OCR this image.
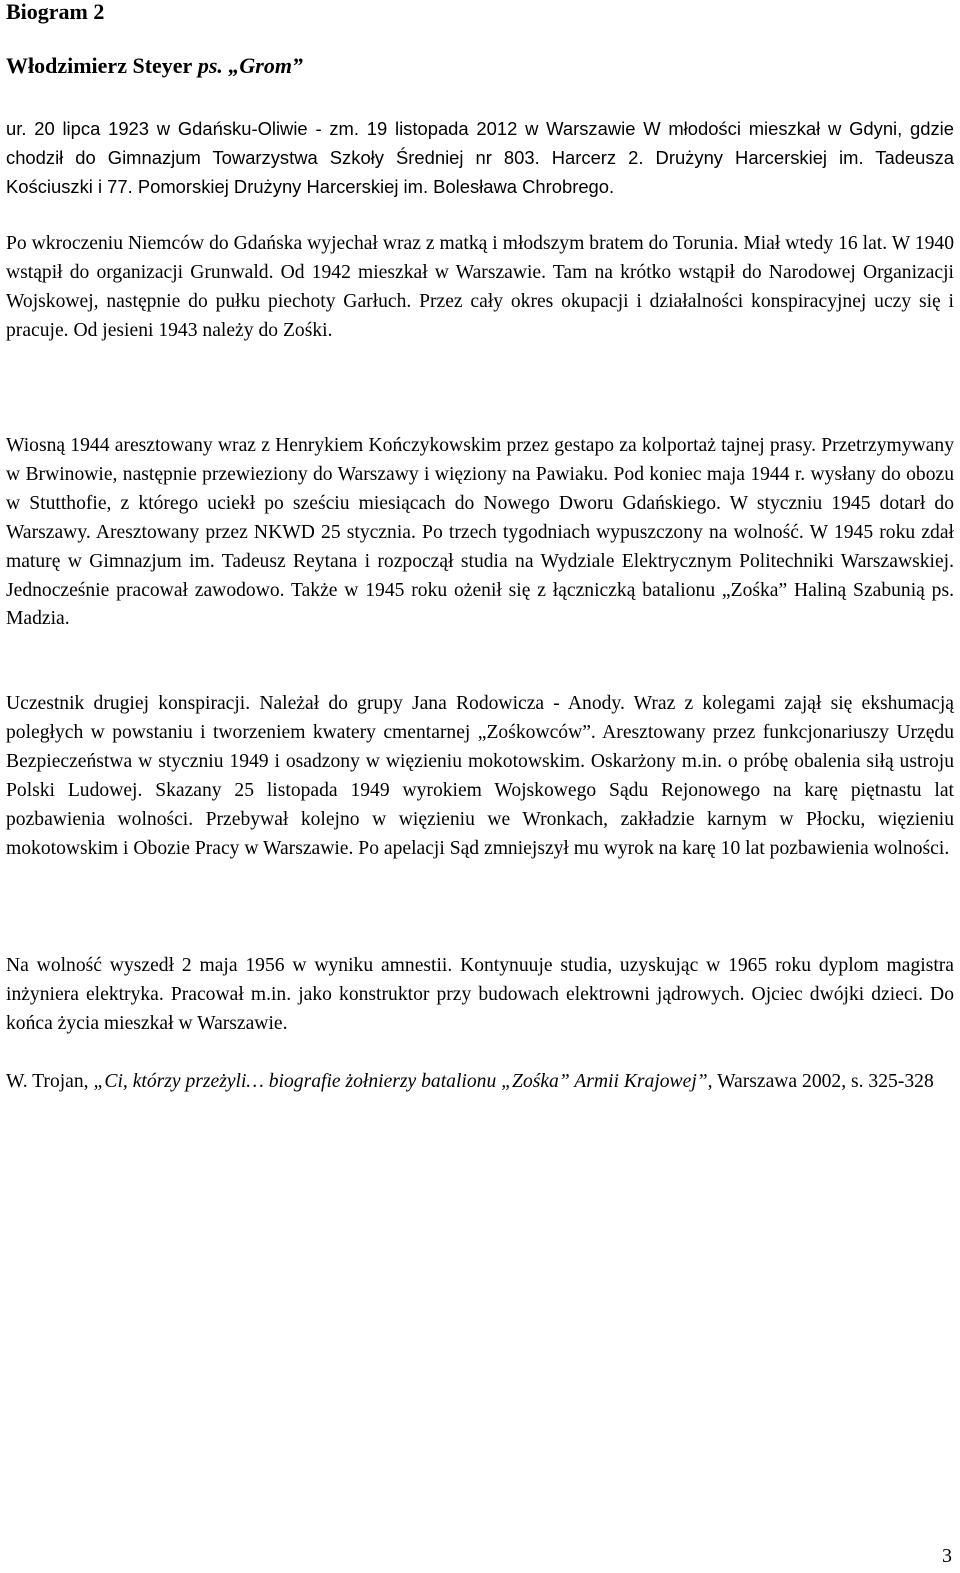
Biogram 2
Włodzimierz Steyer ps. „Grom”

ur. 20 lipca 1923 w Gdańsku-Oliwie - zm. 19 listopada 2012 w Warszawie W młodości mieszkał w Gdyni, gdzie chodził do Gimnazjum Towarzystwa Szkoły Średniej nr 803. Harcerz 2. Drużyny Harcerskiej im. Tadeusza Kościuszki i 77. Pomorskiej Drużyny Harcerskiej im. Bolesława Chrobrego.

Po wkroczeniu Niemców do Gdańska wyjechał wraz z matką i młodszym bratem do Torunia. Miał wtedy 16 lat. W 1940 wstąpił do organizacji Grunwald. Od 1942 mieszkał w Warszawie. Tam na krótko wstąpił do Narodowej Organizacji Wojskowej, następnie do pułku piechoty Garłuch. Przez cały okres okupacji i działalności konspiracyjnej uczy się i pracuje. Od jesieni 1943 należy do Zośki.

Wiosną 1944 aresztowany wraz z Henrykiem Kończykowskim przez gestapo za kolportaż tajnej prasy. Przetrzymywany w Brwinowie, następnie przewieziony do Warszawy i więziony na Pawiaku. Pod koniec maja 1944 r. wysłany do obozu w Stutthofie, z którego uciekł po sześciu miesiącach do Nowego Dworu Gdańskiego. W styczniu 1945 dotarł do Warszawy. Aresztowany przez NKWD 25 stycznia. Po trzech tygodniach wypuszczony na wolność. W 1945 roku zdał maturę w Gimnazjum im. Tadeusz Reytana i rozpoczął studia na Wydziale Elektrycznym Politechniki Warszawskiej. Jednocześnie pracował zawodowo. Także w 1945 roku ożenił się z łączniczką batalionu „Zośka” Haliną Szabunią ps. Madzia.

Uczestnik drugiej konspiracji. Należał do grupy Jana Rodowicza - Anody. Wraz z kolegami zajął się ekshumacją poległych w powstaniu i tworzeniem kwatery cmentarnej „Zośkowców”. Aresztowany przez funkcjonariuszy Urzędu Bezpieczeństwa w styczniu 1949 i osadzony w więzieniu mokotowskim. Oskarżony m.in. o próbę obalenia siłą ustroju Polski Ludowej. Skazany 25 listopada 1949 wyrokiem Wojskowego Sądu Rejonowego na karę piętnastu lat pozbawienia wolności. Przebywał kolejno w więzieniu we Wronkach, zakładzie karnym w Płocku, więzieniu mokotowskim i Obozie Pracy w Warszawie. Po apelacji Sąd zmniejszył mu wyrok na karę 10 lat pozbawienia wolności.

Na wolność wyszedł 2 maja 1956 w wyniku amnestii. Kontynuuje studia, uzyskując w 1965 roku dyplom magistra inżyniera elektryka. Pracował m.in. jako konstruktor przy budowach elektrowni jądrowych. Ojciec dwójki dzieci. Do końca życia mieszkał w Warszawie.

W. Trojan, „Ci, którzy przeżyli… biografie żołnierzy batalionu „Zośka” Armii Krajowej”, Warszawa 2002, s. 325-328

3
